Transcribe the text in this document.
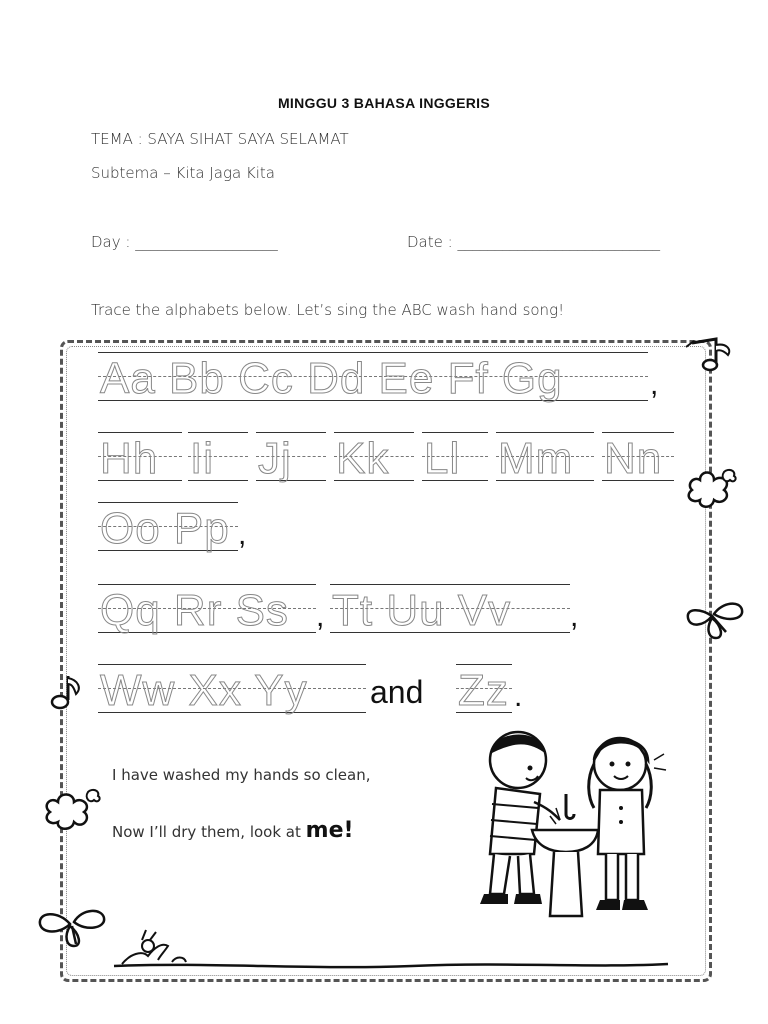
MINGGU 3 BAHASA INGGERIS
TEMA : SAYA SIHAT SAYA SELAMAT
Subtema – Kita Jaga Kita
Day : ___________________	Date : ___________________________
Trace the alphabets below. Let’s sing the ABC wash hand song!
Aa Bb Cc Dd Ee Ff Gg	,
Hh Ii Jj Kk Ll Mm Nn
Oo Pp ,
Qq Rr Ss , Tt Uu Vv ,
Ww Xx Yy and Zz .
I have washed my hands so clean,
Now I’ll dry them, look at me!
